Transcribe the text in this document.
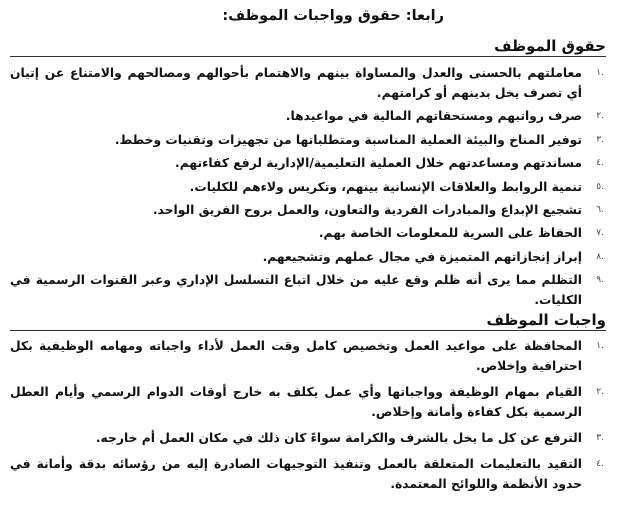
رابعا: حقوق وواجبات الموظف:
حقوق الموظف
.١
معاملتهم بالحسنى والعدل والمساواة بينهم والاهتمام بأحوالهم ومصالحهم والامتناع عن إتيان أي تصرف يخل بدينهم أو كرامتهم.
.٢
صرف رواتبهم ومستحقاتهم المالية في مواعيدها.
.٣
توفير المناخ والبيئة العملية المناسبة ومتطلباتها من تجهيزات وتقنيات وخطط.
.٤
مساندتهم ومساعدتهم خلال العملية التعليمية/الإدارية لرفع كفاءتهم.
.٥
تنمية الروابط والعلاقات الإنسانية بينهم، وتكريس ولاءهم للكليات.
.٦
تشجيع الإبداع والمبادرات الفردية والتعاون، والعمل بروح الفريق الواحد.
.٧
الحفاظ على السرية للمعلومات الخاصة بهم.
.٨
إبراز إنجازاتهم المتميزة في مجال عملهم وتشجيعهم.
.٩
التظلم مما يرى أنه ظلم وقع عليه من خلال اتباع التسلسل الإداري وعبر القنوات الرسمية في الكليات.
واجبات الموظف
.١
المحافظة على مواعيد العمل وتخصيص كامل وقت العمل لأداء واجباته ومهامه الوظيفية بكل احترافية وإخلاص.
.٢
القيام بمهام الوظيفة وواجباتها وأي عمل يكلف به خارج أوقات الدوام الرسمي وأيام العطل الرسمية بكل كفاءة وأمانة وإخلاص.
.٣
الترفع عن كل ما يخل بالشرف والكرامة سواءً كان ذلك في مكان العمل أم خارجه.
.٤
التقيد بالتعليمات المتعلقة بالعمل وتنفيذ التوجيهات الصادرة إليه من رؤسائه بدقة وأمانة في حدود الأنظمة واللوائح المعتمدة.
